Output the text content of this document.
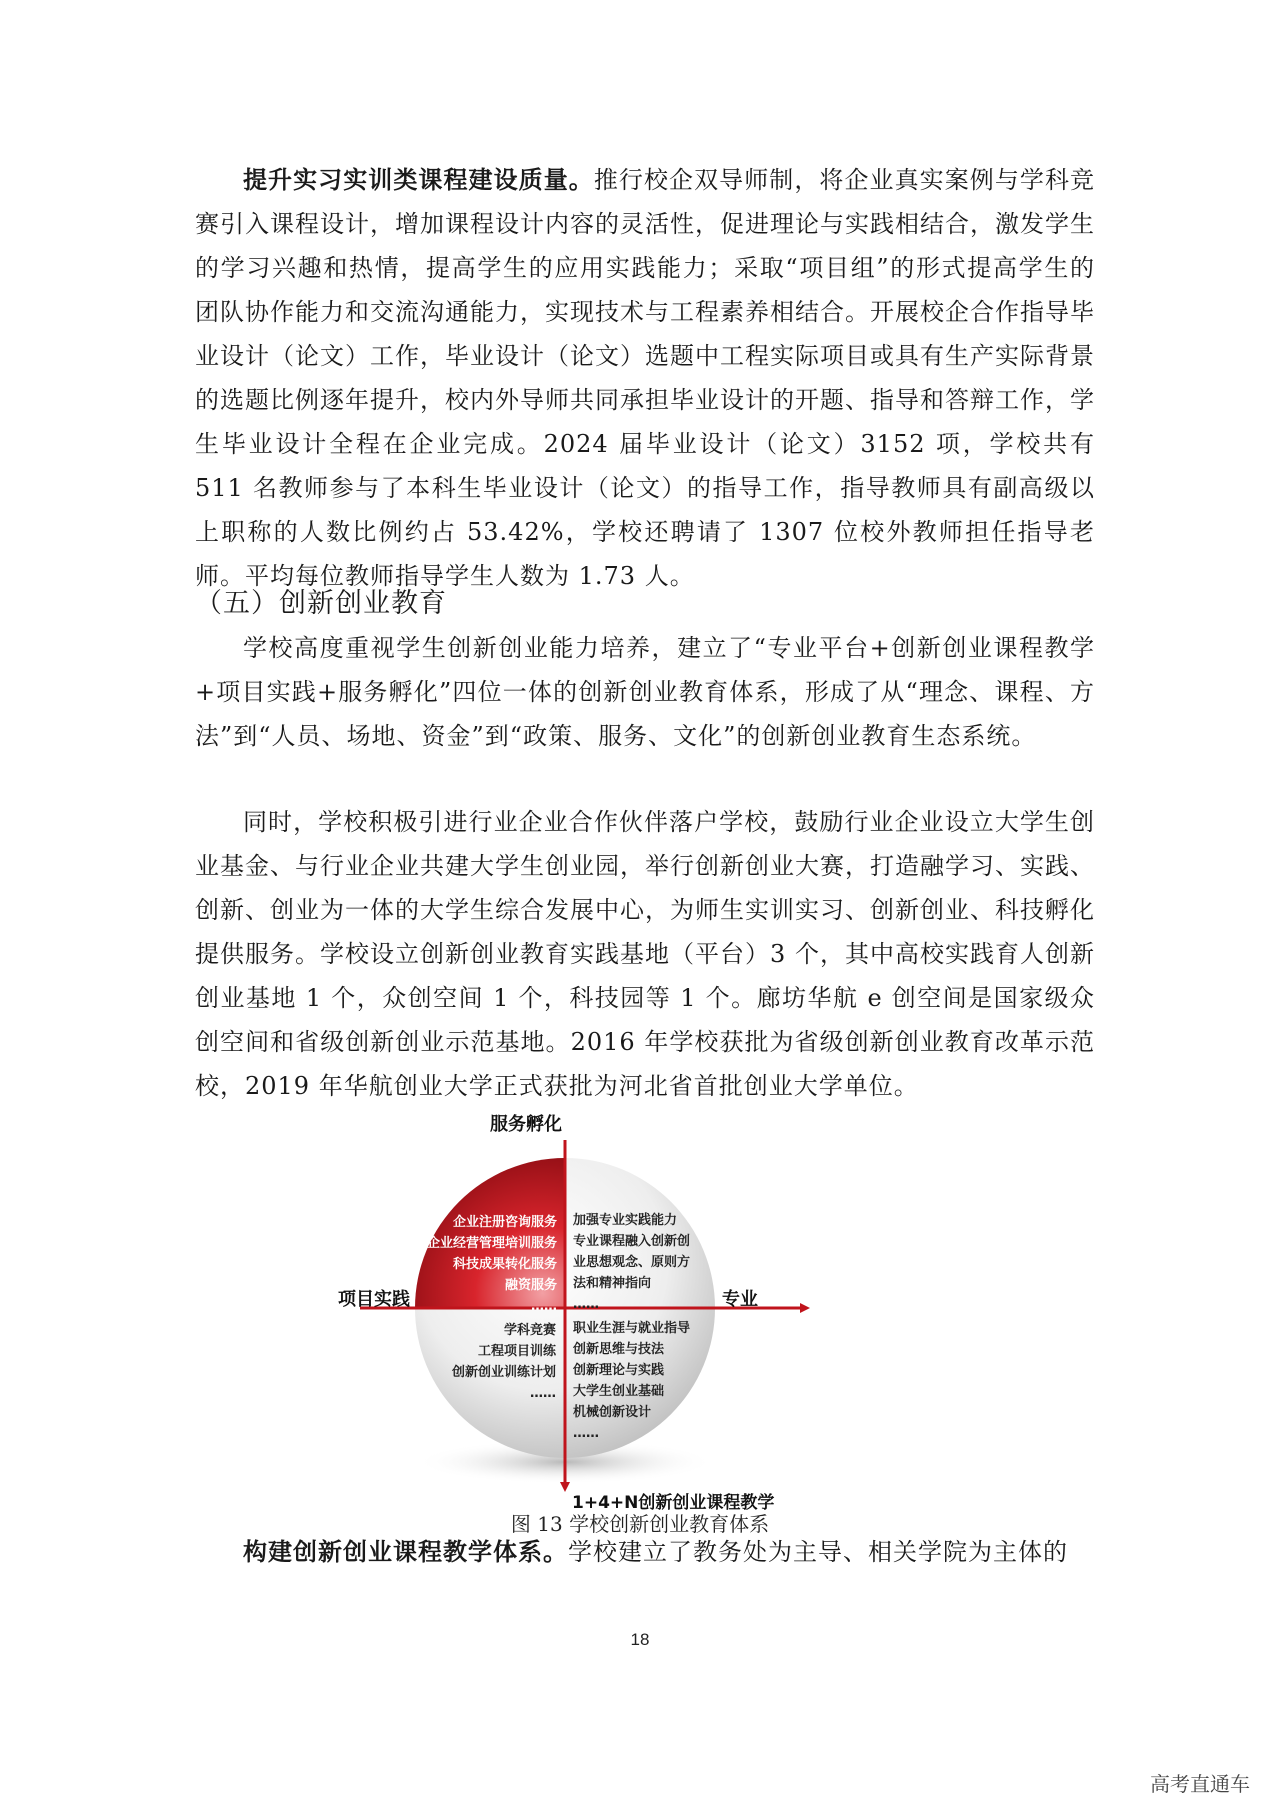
提升实习实训类课程建设质量。推行校企双导师制，将企业真实案例与学科竞赛引入课程设计，增加课程设计内容的灵活性，促进理论与实践相结合，激发学生的学习兴趣和热情，提高学生的应用实践能力；采取“项目组”的形式提高学生的团队协作能力和交流沟通能力，实现技术与工程素养相结合。开展校企合作指导毕业设计（论文）工作，毕业设计（论文）选题中工程实际项目或具有生产实际背景的选题比例逐年提升，校内外导师共同承担毕业设计的开题、指导和答辩工作，学生毕业设计全程在企业完成。2024 届毕业设计（论文）3152 项，学校共有 511 名教师参与了本科生毕业设计（论文）的指导工作，指导教师具有副高级以上职称的人数比例约占 53.42%，学校还聘请了 1307 位校外教师担任指导老师。平均每位教师指导学生人数为 1.73 人。

（五）创新创业教育

学校高度重视学生创新创业能力培养，建立了“专业平台+创新创业课程教学+项目实践+服务孵化”四位一体的创新创业教育体系，形成了从“理念、课程、方法”到“人员、场地、资金”到“政策、服务、文化”的创新创业教育生态系统。

同时，学校积极引进行业企业合作伙伴落户学校，鼓励行业企业设立大学生创业基金、与行业企业共建大学生创业园，举行创新创业大赛，打造融学习、实践、创新、创业为一体的大学生综合发展中心，为师生实训实习、创新创业、科技孵化提供服务。学校设立创新创业教育实践基地（平台）3 个，其中高校实践育人创新创业基地 1 个，众创空间 1 个，科技园等 1 个。廊坊华航 e 创空间是国家级众创空间和省级创新创业示范基地。2016 年学校获批为省级创新创业教育改革示范校，2019 年华航创业大学正式获批为河北省首批创业大学单位。

服务孵化
项目实践	专业
1+4+N创新创业课程教学
企业注册咨询服务
企业经营管理培训服务
科技成果转化服务
融资服务
……
加强专业实践能力
专业课程融入创新创
业思想观念、原则方
法和精神指向
……
学科竞赛
工程项目训练
创新创业训练计划
……
职业生涯与就业指导
创新思维与技法
创新理论与实践
大学生创业基础
机械创新设计
……
图 13 学校创新创业教育体系

构建创新创业课程教学体系。学校建立了教务处为主导、相关学院为主体的

18
高考直通车
